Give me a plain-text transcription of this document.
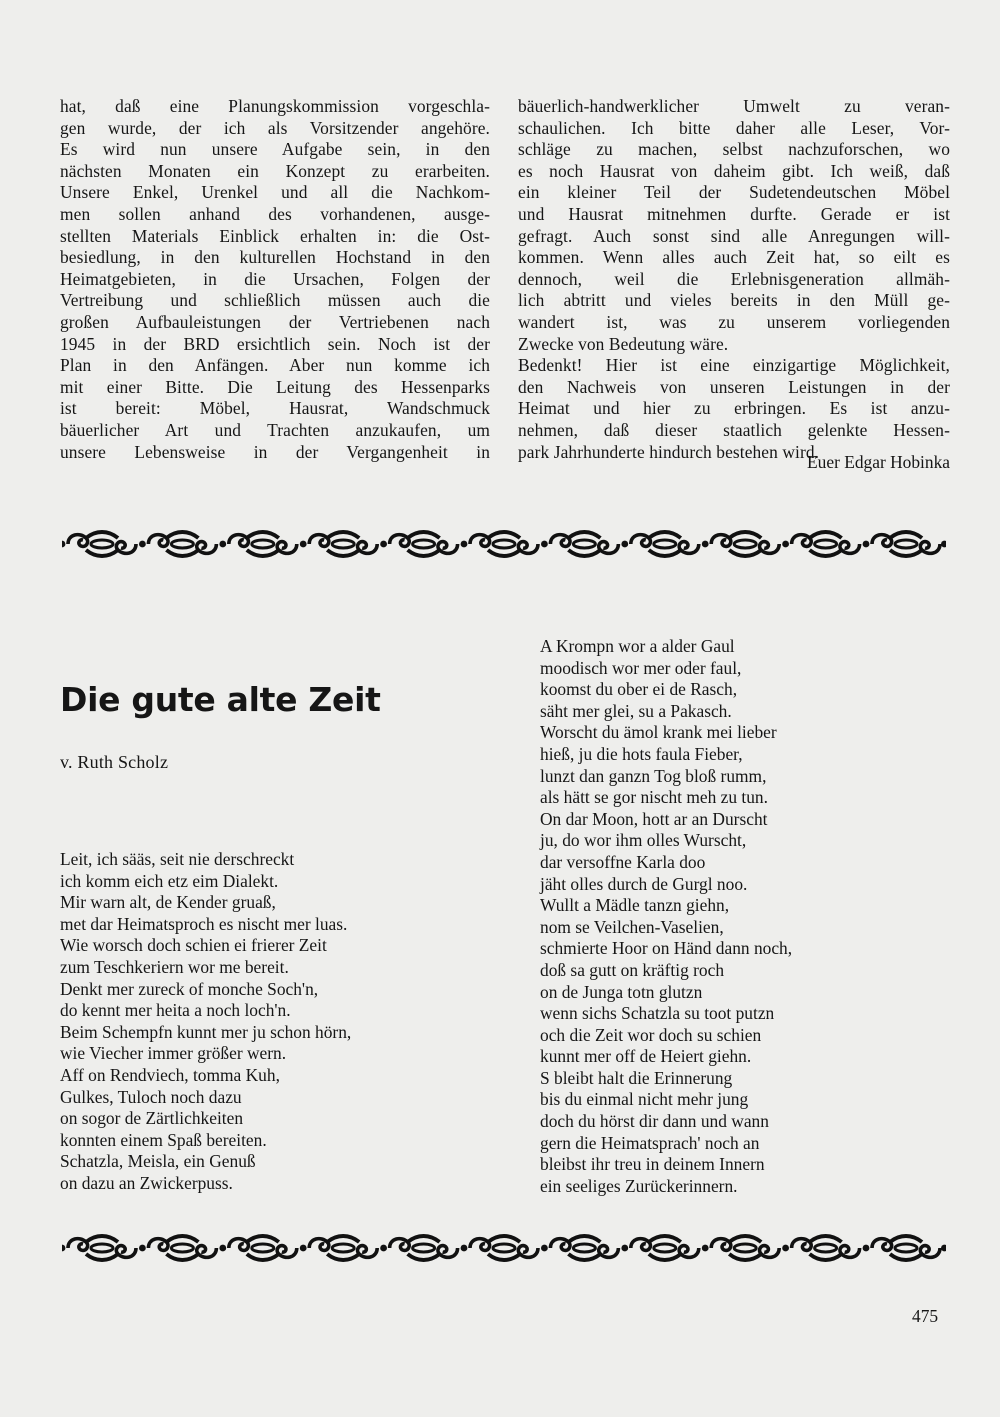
hat, daß eine Planungskommission vorgeschla-
gen wurde, der ich als Vorsitzender angehöre.
Es wird nun unsere Aufgabe sein, in den
nächsten Monaten ein Konzept zu erarbeiten.
Unsere Enkel, Urenkel und all die Nachkom-
men sollen anhand des vorhandenen, ausge-
stellten Materials Einblick erhalten in: die Ost-
besiedlung, in den kulturellen Hochstand in den
Heimatgebieten, in die Ursachen, Folgen der
Vertreibung und schließlich müssen auch die
großen Aufbauleistungen der Vertriebenen nach
1945 in der BRD ersichtlich sein. Noch ist der
Plan in den Anfängen. Aber nun komme ich
mit einer Bitte. Die Leitung des Hessenparks
ist bereit: Möbel, Hausrat, Wandschmuck
bäuerlicher Art und Trachten anzukaufen, um
unsere Lebensweise in der Vergangenheit in
bäuerlich-handwerklicher Umwelt zu veran-
schaulichen. Ich bitte daher alle Leser, Vor-
schläge zu machen, selbst nachzuforschen, wo
es noch Hausrat von daheim gibt. Ich weiß, daß
ein kleiner Teil der Sudetendeutschen Möbel
und Hausrat mitnehmen durfte. Gerade er ist
gefragt. Auch sonst sind alle Anregungen will-
kommen. Wenn alles auch Zeit hat, so eilt es
dennoch, weil die Erlebnisgeneration allmäh-
lich abtritt und vieles bereits in den Müll ge-
wandert ist, was zu unserem vorliegenden
Zwecke von Bedeutung wäre.
Bedenkt! Hier ist eine einzigartige Möglichkeit,
den Nachweis von unseren Leistungen in der
Heimat und hier zu erbringen. Es ist anzu-
nehmen, daß dieser staatlich gelenkte Hessen-
park Jahrhunderte hindurch bestehen wird.
Euer Edgar Hobinka
Die gute alte Zeit
v. Ruth Scholz
Leit, ich sääs, seit nie derschreckt
ich komm eich etz eim Dialekt.
Mir warn alt, de Kender gruaß,
met dar Heimatsproch es nischt mer luas.
Wie worsch doch schien ei frierer Zeit
zum Teschkeriern wor me bereit.
Denkt mer zureck of monche Soch'n,
do kennt mer heita a noch loch'n.
Beim Schempfn kunnt mer ju schon hörn,
wie Viecher immer größer wern.
Aff on Rendviech, tomma Kuh,
Gulkes, Tuloch noch dazu
on sogor de Zärtlichkeiten
konnten einem Spaß bereiten.
Schatzla, Meisla, ein Genuß
on dazu an Zwickerpuss.
A Krompn wor a alder Gaul
moodisch wor mer oder faul,
koomst du ober ei de Rasch,
säht mer glei, su a Pakasch.
Worscht du ämol krank mei lieber
hieß, ju die hots faula Fieber,
lunzt dan ganzn Tog bloß rumm,
als hätt se gor nischt meh zu tun.
On dar Moon, hott ar an Durscht
ju, do wor ihm olles Wurscht,
dar versoffne Karla doo
jäht olles durch de Gurgl noo.
Wullt a Mädle tanzn giehn,
nom se Veilchen-Vaselien,
schmierte Hoor on Händ dann noch,
doß sa gutt on kräftig roch
on de Junga totn glutzn
wenn sichs Schatzla su toot putzn
och die Zeit wor doch su schien
kunnt mer off de Heiert giehn.
S bleibt halt die Erinnerung
bis du einmal nicht mehr jung
doch du hörst dir dann und wann
gern die Heimatsprach' noch an
bleibst ihr treu in deinem Innern
ein seeliges Zurückerinnern.
475
